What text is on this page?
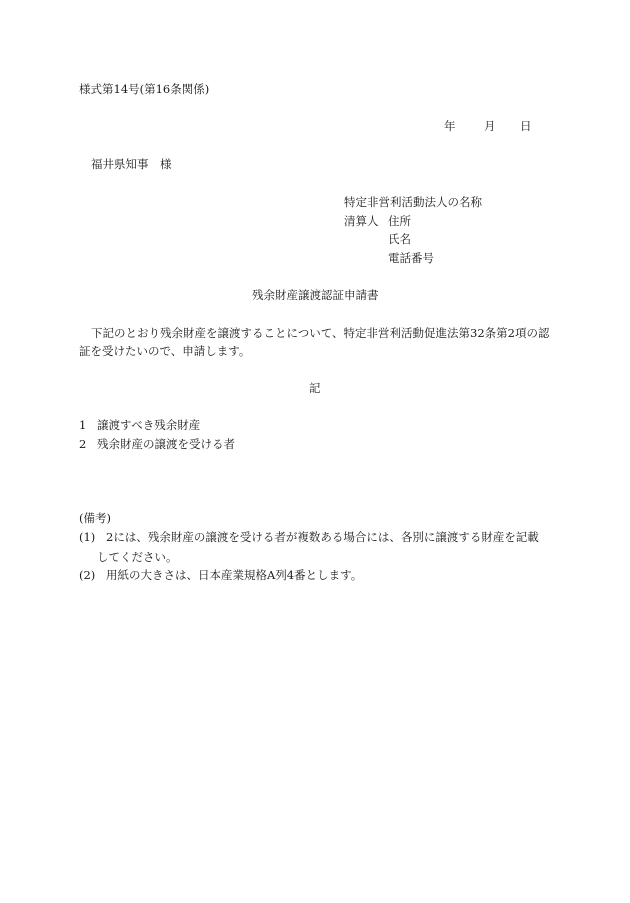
様式第14号(第16条関係)
年 月 日
福井県知事　様
特定非営利活動法人の名称
清算人 住所
氏名
電話番号
残余財産譲渡認証申請書
下記のとおり残余財産を譲渡することについて、特定非営利活動促進法第32条第2項の認
証を受けたいので、申請します。
記
1 譲渡すべき残余財産
2 残余財産の譲渡を受ける者
(備考)
(1) 2には、残余財産の譲渡を受ける者が複数ある場合には、各別に譲渡する財産を記載
してください。
(2) 用紙の大きさは、日本産業規格A列4番とします。
